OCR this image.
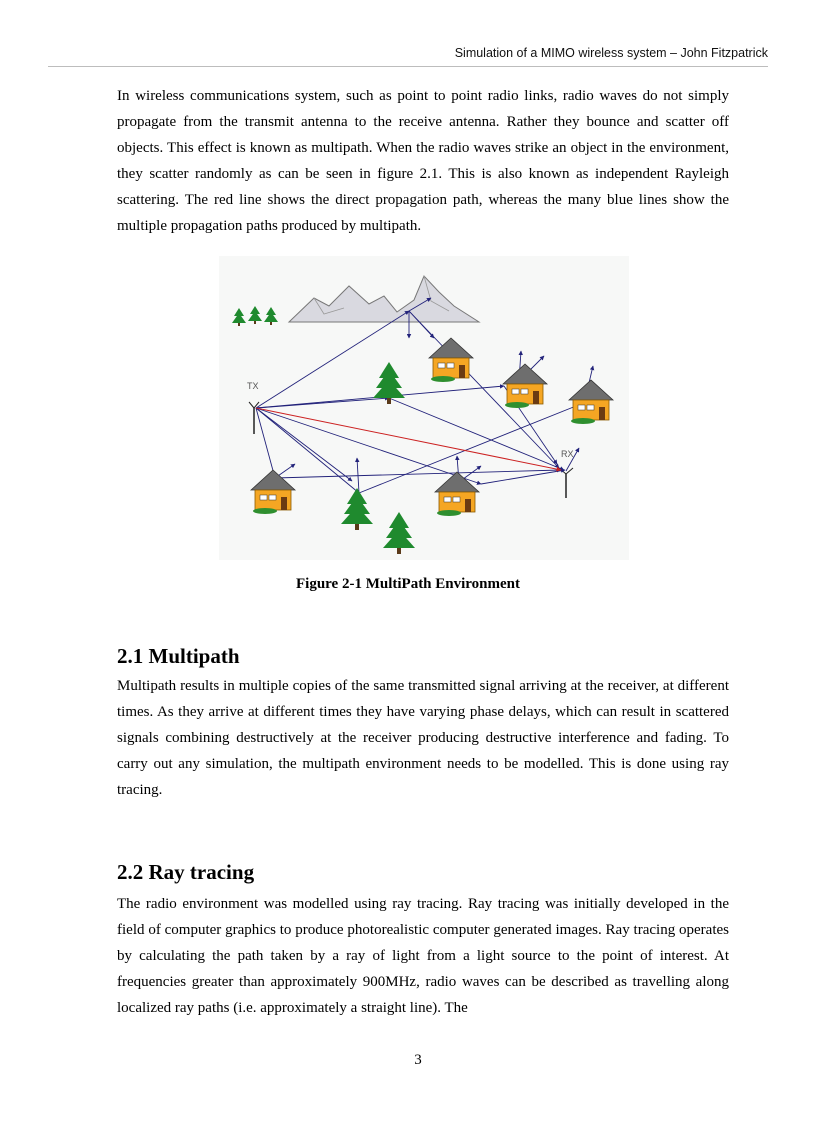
Simulation of a MIMO wireless system – John Fitzpatrick

In wireless communications system, such as point to point radio links, radio waves do not simply propagate from the transmit antenna to the receive antenna. Rather they bounce and scatter off objects. This effect is known as multipath. When the radio waves strike an object in the environment, they scatter randomly as can be seen in figure 2.1. This is also known as independent Rayleigh scattering. The red line shows the direct propagation path, whereas the many blue lines show the multiple propagation paths produced by multipath.

TX
RX
Figure 2-1 MultiPath Environment
2.1 Multipath

Multipath results in multiple copies of the same transmitted signal arriving at the receiver, at different times. As they arrive at different times they have varying phase delays, which can result in scattered signals combining destructively at the receiver producing destructive interference and fading. To carry out any simulation, the multipath environment needs to be modelled. This is done using ray tracing.

2.2 Ray tracing

The radio environment was modelled using ray tracing. Ray tracing was initially developed in the field of computer graphics to produce photorealistic computer generated images. Ray tracing operates by calculating the path taken by a ray of light from a light source to the point of interest. At frequencies greater than approximately 900MHz, radio waves can be described as travelling along localized ray paths (i.e. approximately a straight line). The

3
